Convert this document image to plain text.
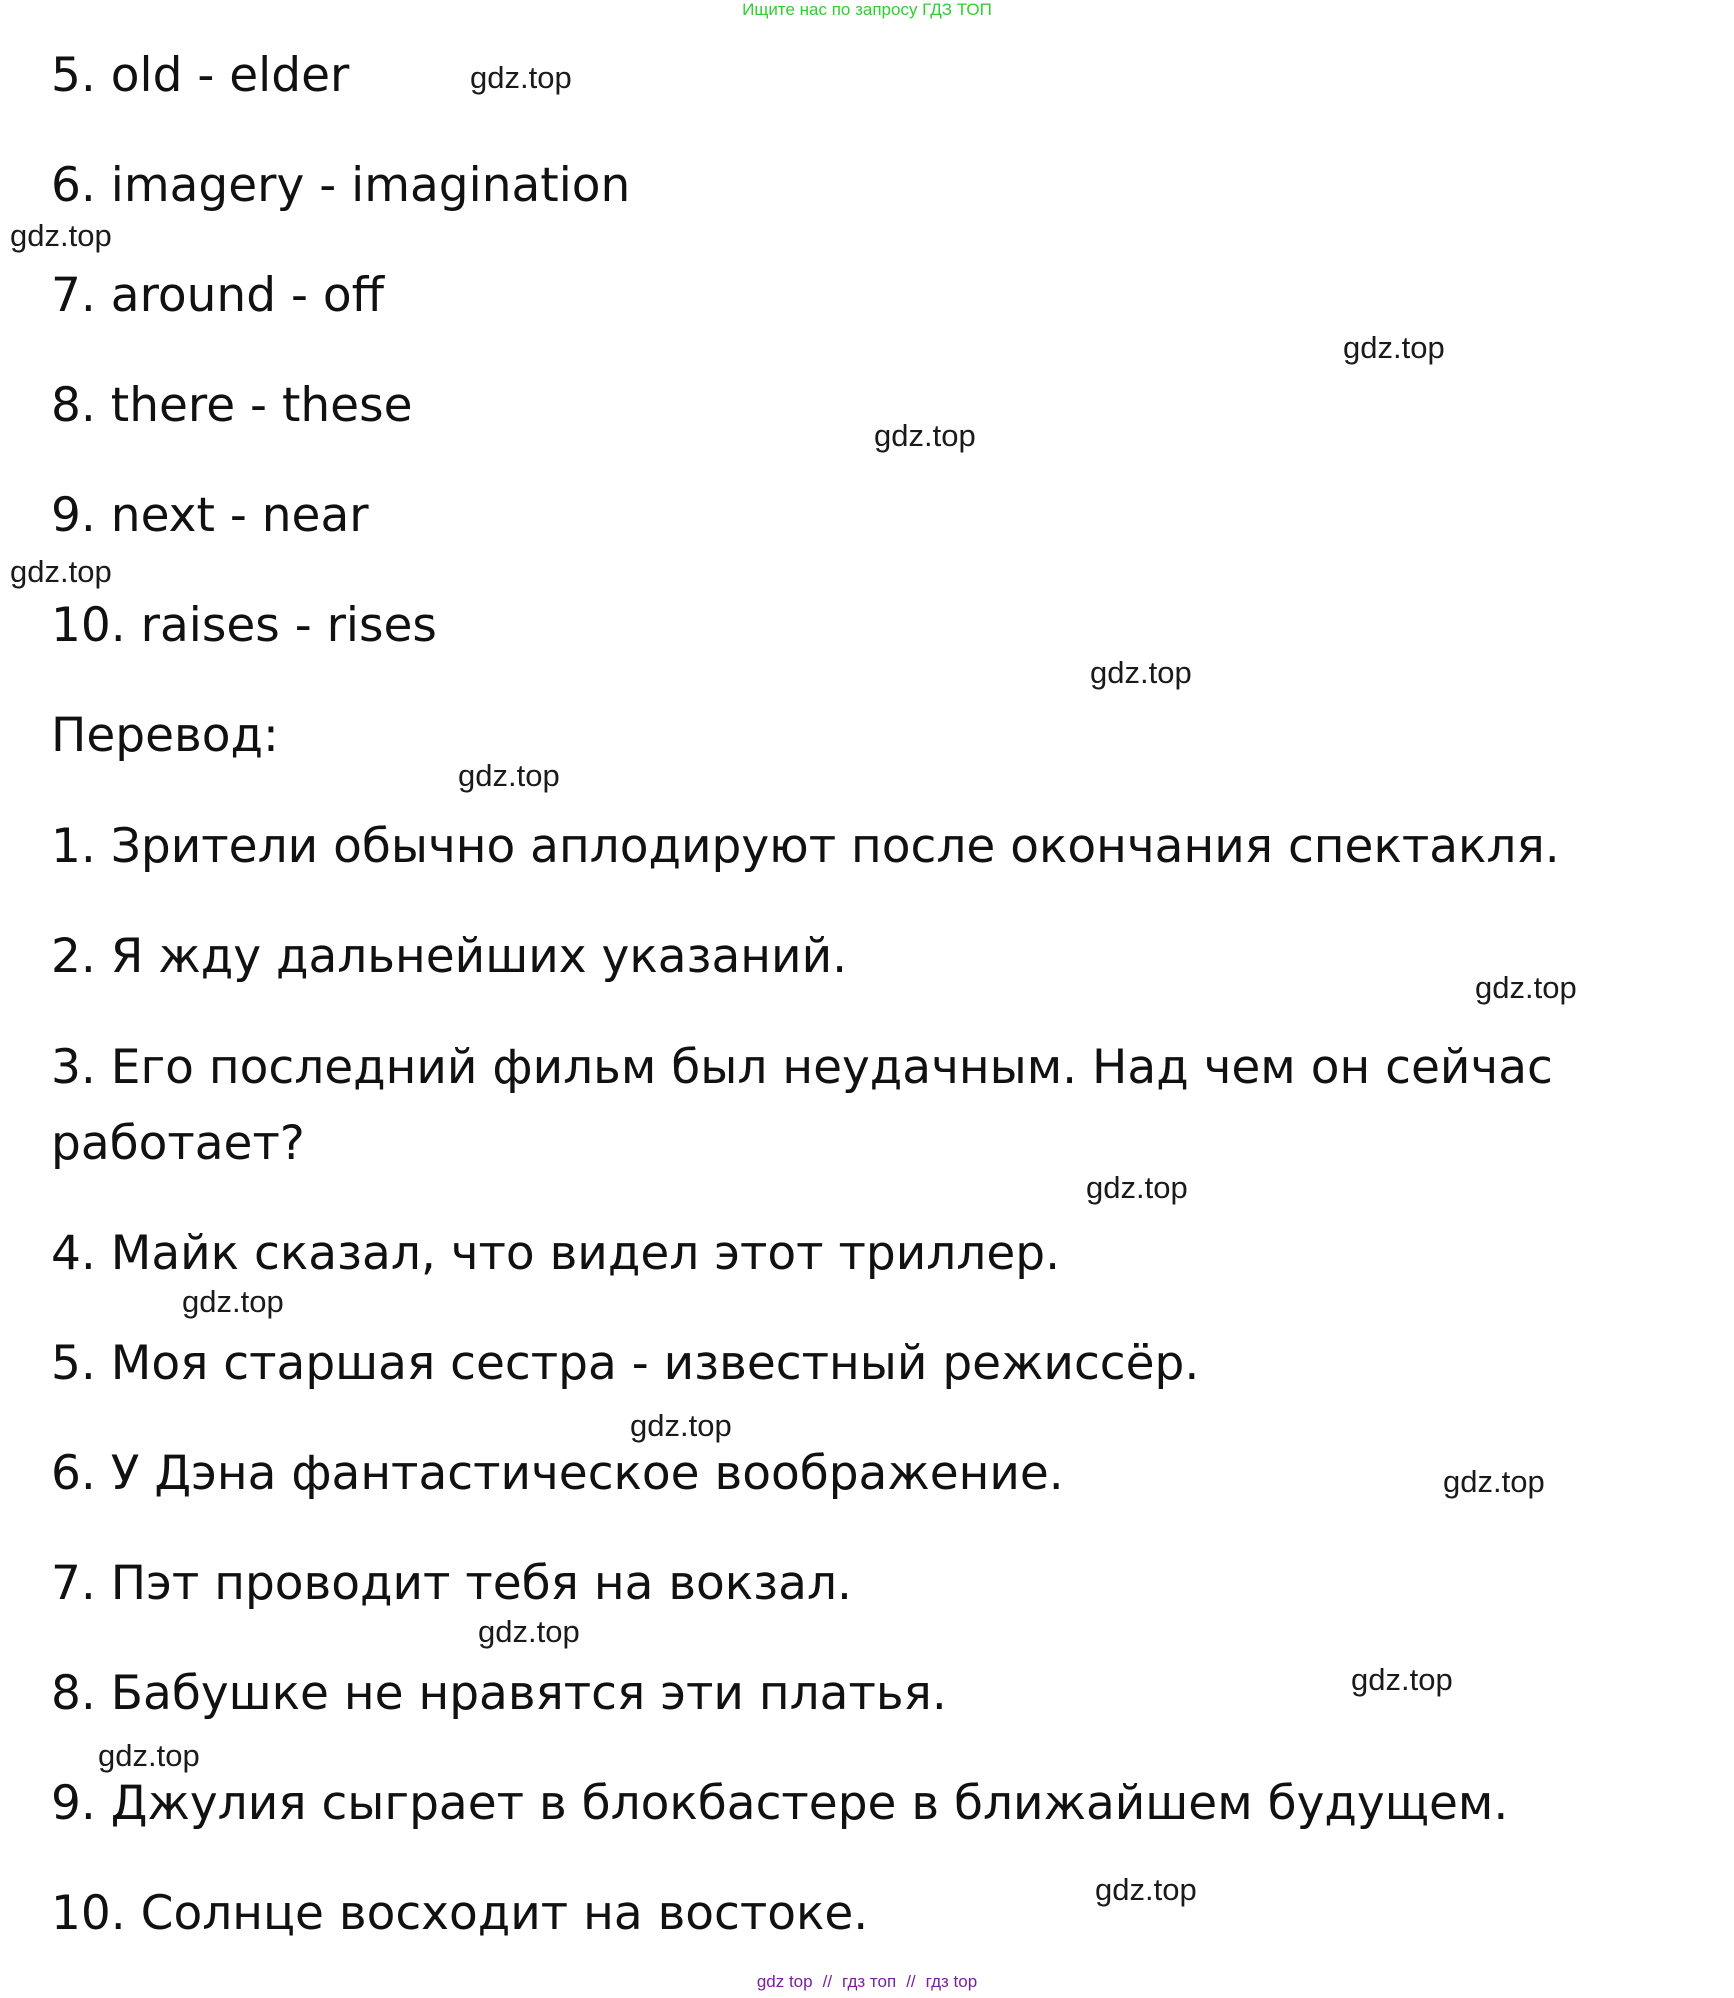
Ищите нас по запросу ГДЗ ТОП
5. old - elder
6. imagery - imagination
7. around - off
8. there - these
9. next - near
10. raises - rises
Перевод:
1. Зрители обычно аплодируют после окончания спектакля.
2. Я жду дальнейших указаний.
3. Его последний фильм был неудачным. Над чем он сейчас работает?
4. Майк сказал, что видел этот триллер.
5. Моя старшая сестра - известный режиссёр.
6. У Дэна фантастическое воображение.
7. Пэт проводит тебя на вокзал.
8. Бабушке не нравятся эти платья.
9. Джулия сыграет в блокбастере в ближайшем будущем.
10. Солнце восходит на востоке.
gdz.top
gdz.top
gdz.top
gdz.top
gdz.top
gdz.top
gdz.top
gdz.top
gdz.top
gdz.top
gdz.top
gdz.top
gdz.top
gdz.top
gdz.top
gdz.top
gdz top // гдз топ // гдз top
